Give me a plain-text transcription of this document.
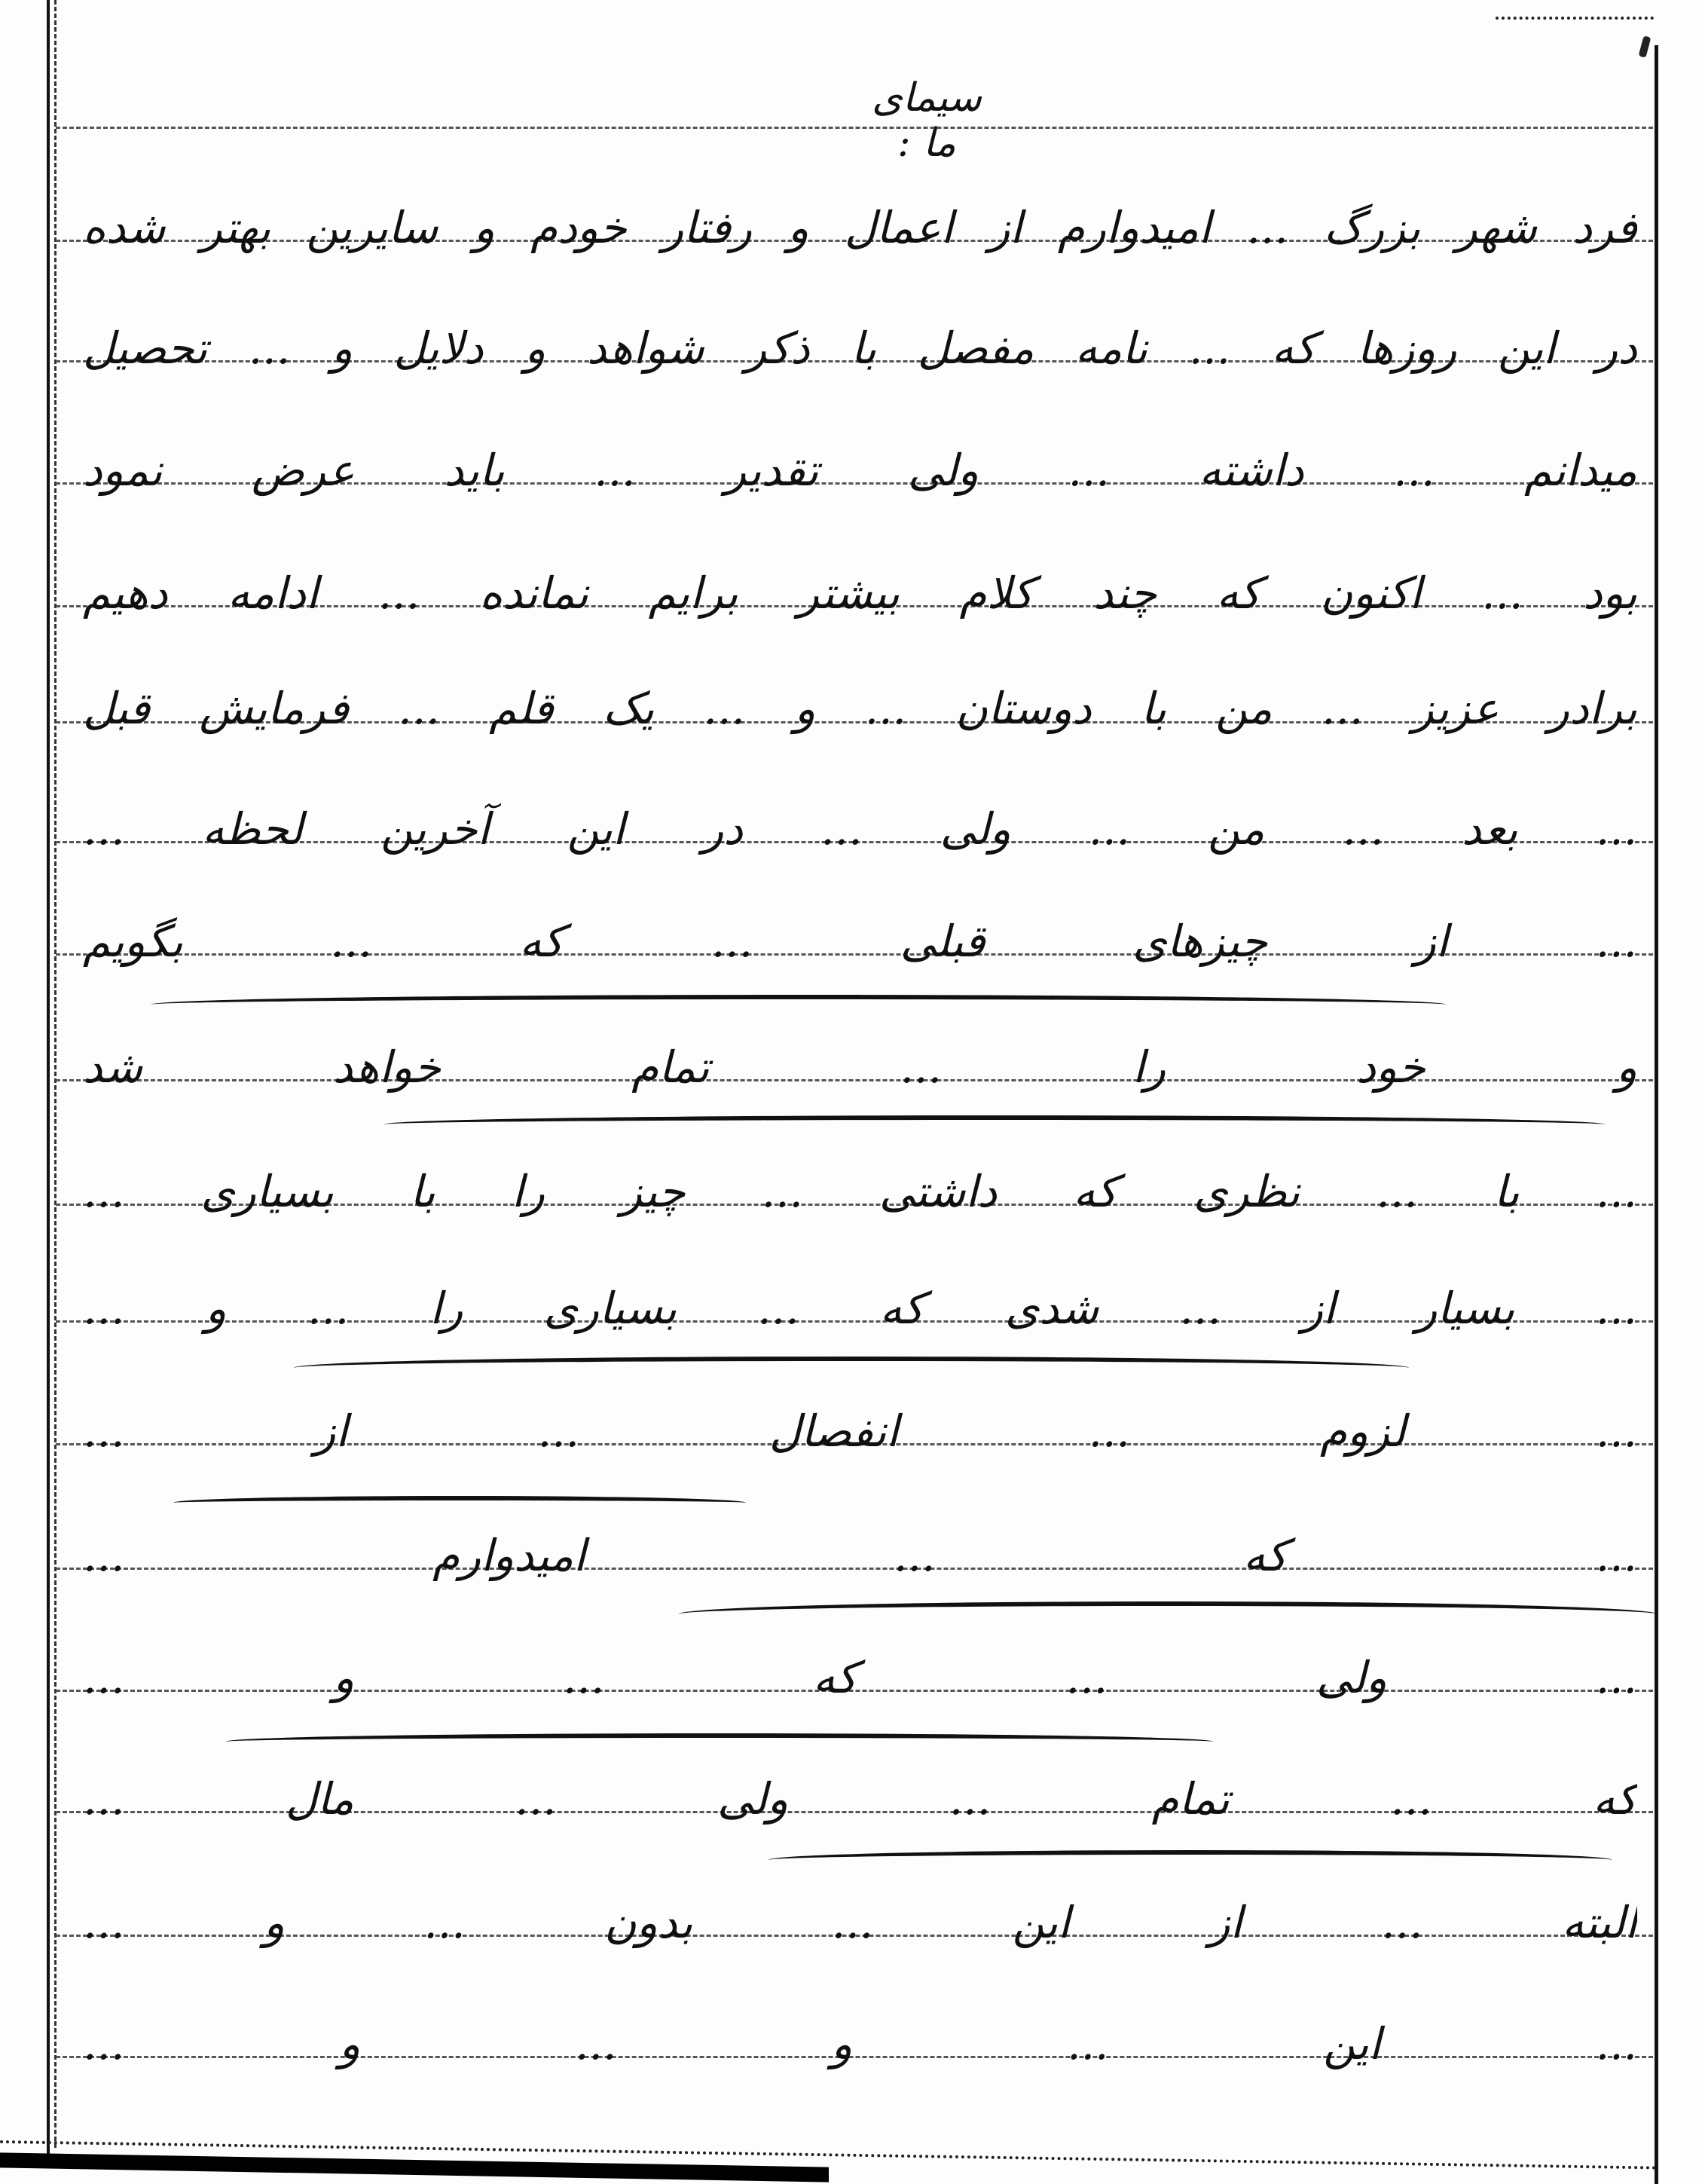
سیمای ما :
فرد شهر بزرگ ... امیدوارم از اعمال و رفتار خودم و سایرین بهتر شده
در این روزها که ... نامه مفصل با ذکر شواهد و دلایل و ... تحصیل
میدانم ... داشته ... ولی تقدیر ... باید عرض نمود
بود ... اکنون که چند کلام بیشتر برایم نمانده ... ادامه دهیم
برادر عزیز ... من با دوستان ... و ... یک قلم ... فرمایش قبل
... بعد ... من ... ولی ... در این آخرین لحظه ...
... از چیزهای قبلی ... که ... بگویم
و خود را ... تمام خواهد شد
... با ... نظری که داشتی ... چیز را با بسیاری ...
... بسیار از ... شدی که ... بسیاری را ... و ...
... لزوم ... انفصال ... از ...
... که ... امیدوارم ...
... ولی ... که ... و ...
که ... تمام ... ولی ... مال ...
البته ... از این ... بدون ... و ...
... این ... و ... و ...
